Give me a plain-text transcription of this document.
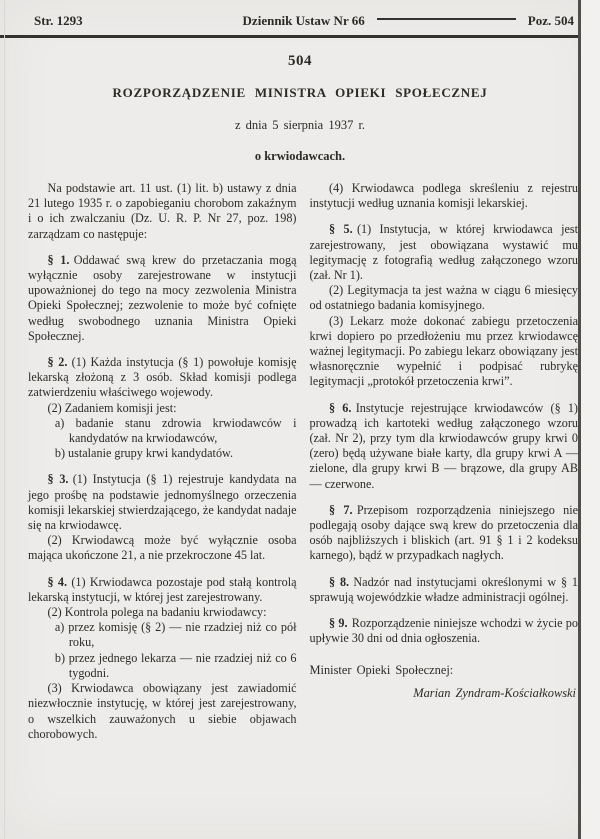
Str. 1293	Dziennik Ustaw Nr 66	Poz. 504
504
ROZPORZĄDZENIE MINISTRA OPIEKI SPOŁECZNEJ
z dnia 5 sierpnia 1937 r.
o krwiodawcach.

Na podstawie art. 11 ust. (1) lit. b) ustawy z dnia 21 lutego 1935 r. o zapobieganiu chorobom zakaźnym i o ich zwalczaniu (Dz. U. R. P. Nr 27, poz. 198) zarządzam co następuje:

§ 1. Oddawać swą krew do przetaczania mogą wyłącznie osoby zarejestrowane w instytucji upoważnionej do tego na mocy zezwolenia Ministra Opieki Społecznej; zezwolenie to może być cofnięte według swobodnego uznania Ministra Opieki Społecznej.

§ 2. (1) Każda instytucja (§ 1) powołuje komisję lekarską złożoną z 3 osób. Skład komisji podlega zatwierdzeniu właściwego wojewody.

(2) Zadaniem komisji jest:

a) badanie stanu zdrowia krwiodawców i kandydatów na krwiodawców,

b) ustalanie grupy krwi kandydatów.

§ 3. (1) Instytucja (§ 1) rejestruje kandydata na jego prośbę na podstawie jednomyślnego orzeczenia komisji lekarskiej stwierdzającego, że kandydat nadaje się na krwiodawcę.

(2) Krwiodawcą może być wyłącznie osoba mająca ukończone 21, a nie przekroczone 45 lat.

§ 4. (1) Krwiodawca pozostaje pod stałą kontrolą lekarską instytucji, w której jest zarejestrowany.

(2) Kontrola polega na badaniu krwiodawcy:

a) przez komisję (§ 2) — nie rzadziej niż co pół roku,

b) przez jednego lekarza — nie rzadziej niż co 6 tygodni.

(3) Krwiodawca obowiązany jest zawiadomić niezwłocznie instytucję, w której jest zarejestrowany, o wszelkich zauważonych u siebie objawach chorobowych.

(4) Krwiodawca podlega skreśleniu z rejestru instytucji według uznania komisji lekarskiej.

§ 5. (1) Instytucja, w której krwiodawca jest zarejestrowany, jest obowiązana wystawić mu legitymację z fotografią według załączonego wzoru (zał. Nr 1).

(2) Legitymacja ta jest ważna w ciągu 6 miesięcy od ostatniego badania komisyjnego.

(3) Lekarz może dokonać zabiegu przetoczenia krwi dopiero po przedłożeniu mu przez krwiodawcę ważnej legitymacji. Po zabiegu lekarz obowiązany jest własnoręcznie wypełnić i podpisać rubrykę legitymacji „protokół przetoczenia krwi”.

§ 6. Instytucje rejestrujące krwiodawców (§ 1) prowadzą ich kartoteki według załączonego wzoru (zał. Nr 2), przy tym dla krwiodawców grupy krwi 0 (zero) będą używane białe karty, dla grupy krwi A — zielone, dla grupy krwi B — brązowe, dla grupy AB — czerwone.

§ 7. Przepisom rozporządzenia niniejszego nie podlegają osoby dające swą krew do przetoczenia dla osób najbliższych i bliskich (art. 91 § 1 i 2 kodeksu karnego), bądź w przypadkach nagłych.

§ 8. Nadzór nad instytucjami określonymi w § 1 sprawują wojewódzkie władze administracji ogólnej.

§ 9. Rozporządzenie niniejsze wchodzi w życie po upływie 30 dni od dnia ogłoszenia.

Minister Opieki Społecznej:

Marian Zyndram-Kościałkowski
